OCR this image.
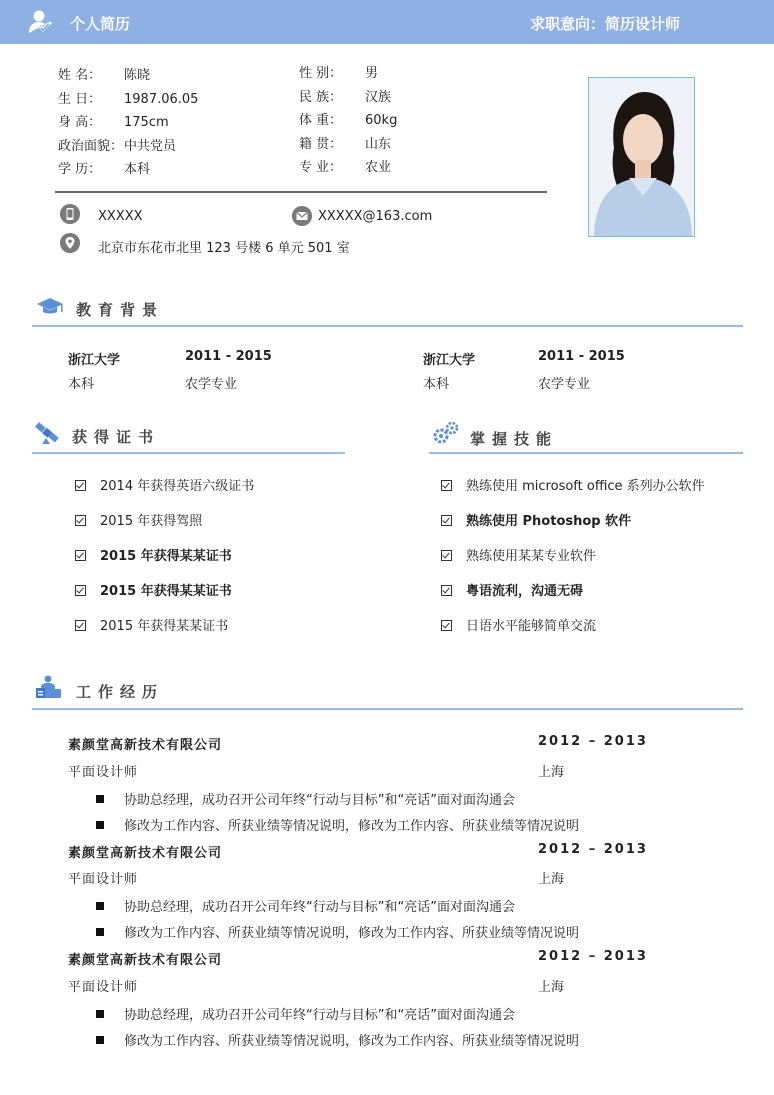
个人简历	求职意向：简历设计师
姓 名： 陈晓
生 日： 1987.06.05
身 高： 175cm
政治面貌：中共党员
学 历： 本科
性 别： 男
民 族： 汉族
体 重： 60kg
籍 贯： 山东
专 业： 农业
XXXXX	XXXXX@163.com
北京市东花市北里 123 号楼 6 单元 501 室
教育背景
浙江大学	2011 - 2015
本科	农学专业
浙江大学	2011 - 2015
本科	农学专业
获得证书
2014 年获得英语六级证书
2015 年获得驾照
2015 年获得某某证书
2015 年获得某某证书
2015 年获得某某证书
掌握技能
熟练使用 microsoft office 系列办公软件
熟练使用 Photoshop 软件
熟练使用某某专业软件
粤语流利，沟通无碍
日语水平能够简单交流
工作经历
素颜堂高新技术有限公司	2012 – 2013
平面设计师	上海
协助总经理，成功召开公司年终“行动与目标”和“亮话”面对面沟通会
修改为工作内容、所获业绩等情况说明，修改为工作内容、所获业绩等情况说明
素颜堂高新技术有限公司	2012 – 2013
平面设计师	上海
协助总经理，成功召开公司年终“行动与目标”和“亮话”面对面沟通会
修改为工作内容、所获业绩等情况说明，修改为工作内容、所获业绩等情况说明
素颜堂高新技术有限公司	2012 – 2013
平面设计师	上海
协助总经理，成功召开公司年终“行动与目标”和“亮话”面对面沟通会
修改为工作内容、所获业绩等情况说明，修改为工作内容、所获业绩等情况说明
